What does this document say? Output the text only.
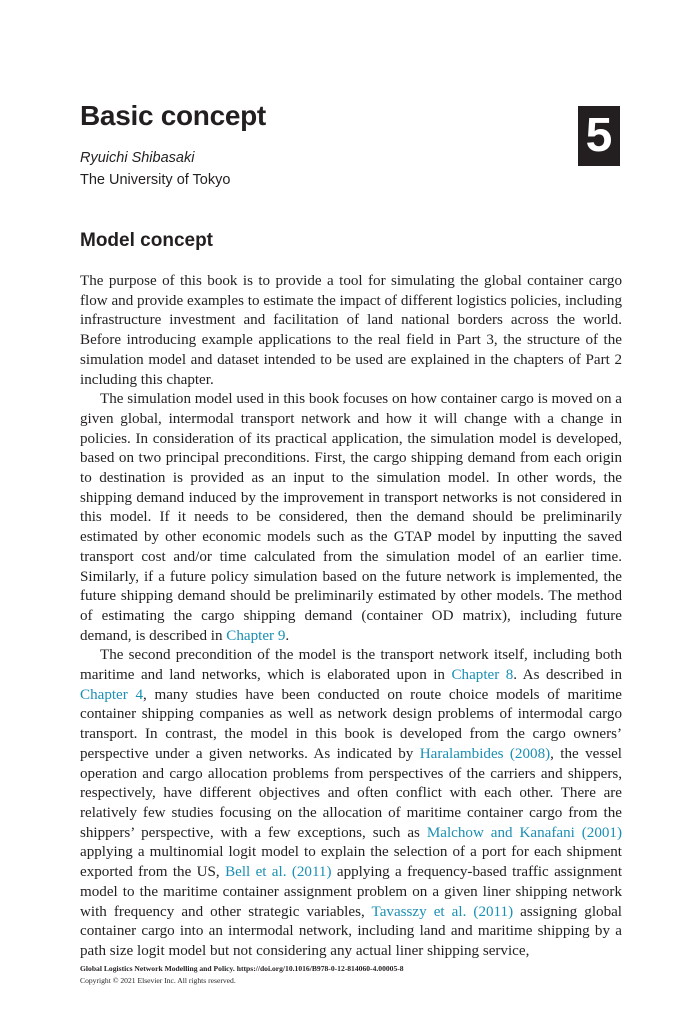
Basic concept	5
Ryuichi Shibasaki
The University of Tokyo
Model concept

The purpose of this book is to provide a tool for simulating the global container cargo flow and provide examples to estimate the impact of different logistics policies, including infrastructure investment and facilitation of land national borders across the world. Before introducing example applications to the real field in Part 3, the structure of the simulation model and dataset intended to be used are explained in the chapters of Part 2 including this chapter.

The simulation model used in this book focuses on how container cargo is moved on a given global, intermodal transport network and how it will change with a change in policies. In consideration of its practical application, the simulation model is developed, based on two principal preconditions. First, the cargo shipping demand from each origin to destination is provided as an input to the simulation model. In other words, the shipping demand induced by the improvement in transport networks is not considered in this model. If it needs to be considered, then the demand should be preliminarily estimated by other economic models such as the GTAP model by inputting the saved transport cost and/or time calculated from the simulation model of an earlier time. Similarly, if a future policy simulation based on the future network is implemented, the future shipping demand should be preliminarily estimated by other models. The method of estimating the cargo shipping demand (container OD matrix), including future demand, is described in Chapter 9.

The second precondition of the model is the transport network itself, including both maritime and land networks, which is elaborated upon in Chapter 8. As described in Chapter 4, many studies have been conducted on route choice models of maritime container shipping companies as well as network design problems of intermodal cargo transport. In contrast, the model in this book is developed from the cargo owners’ perspective under a given networks. As indicated by Haralambides (2008), the vessel operation and cargo allocation problems from perspectives of the carriers and shippers, respectively, have different objectives and often conflict with each other. There are relatively few studies focusing on the allocation of maritime container cargo from the shippers’ perspective, with a few exceptions, such as Malchow and Kanafani (2001) applying a multinomial logit model to explain the selection of a port for each shipment exported from the US, Bell et al. (2011) applying a frequency-based traffic assignment model to the maritime container assignment problem on a given liner shipping network with frequency and other strategic variables, Tavasszy et al. (2011) assigning global container cargo into an intermodal network, including land and maritime shipping by a path size logit model but not considering any actual liner shipping service,

Global Logistics Network Modelling and Policy. https://doi.org/10.1016/B978-0-12-814060-4.00005-8
Copyright © 2021 Elsevier Inc. All rights reserved.
